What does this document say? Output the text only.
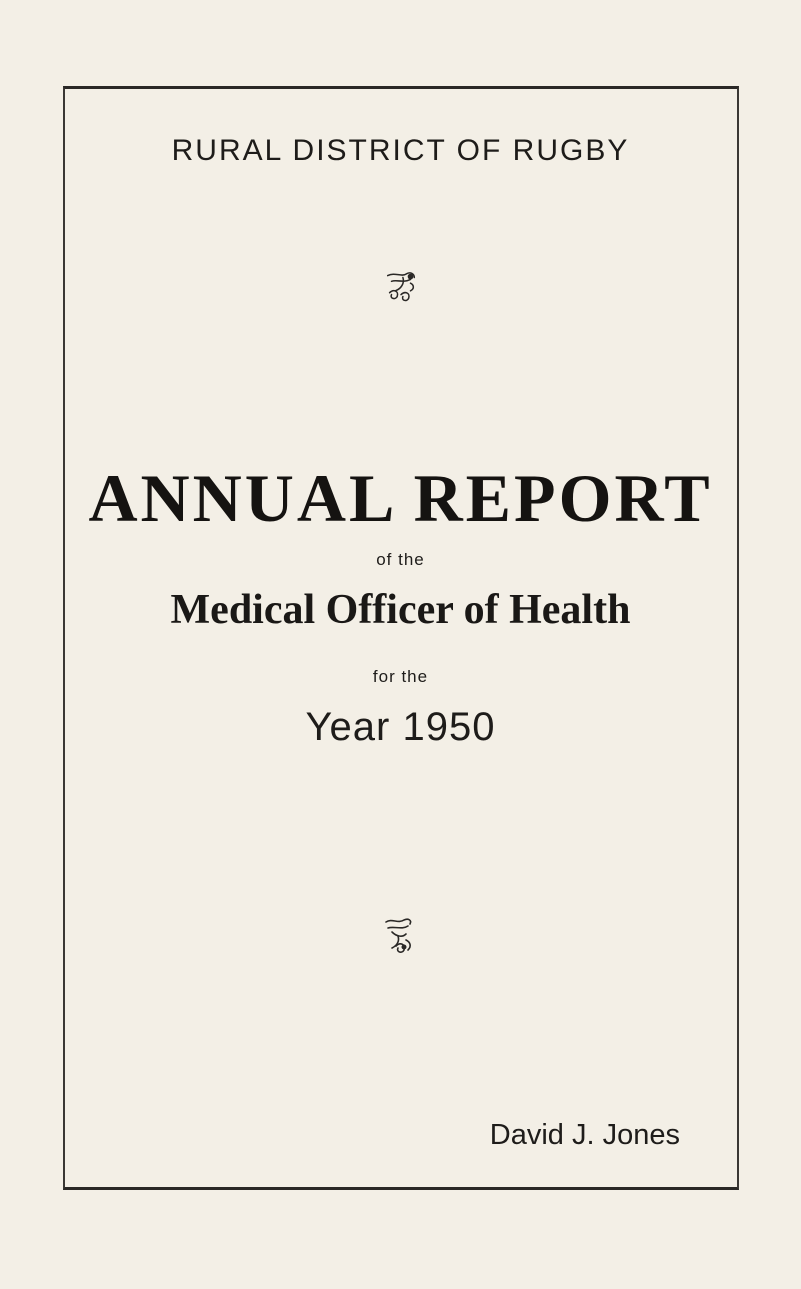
RURAL DISTRICT OF RUGBY
ANNUAL REPORT
of the
Medical Officer of Health
for the
Year 1950
David J. Jones
